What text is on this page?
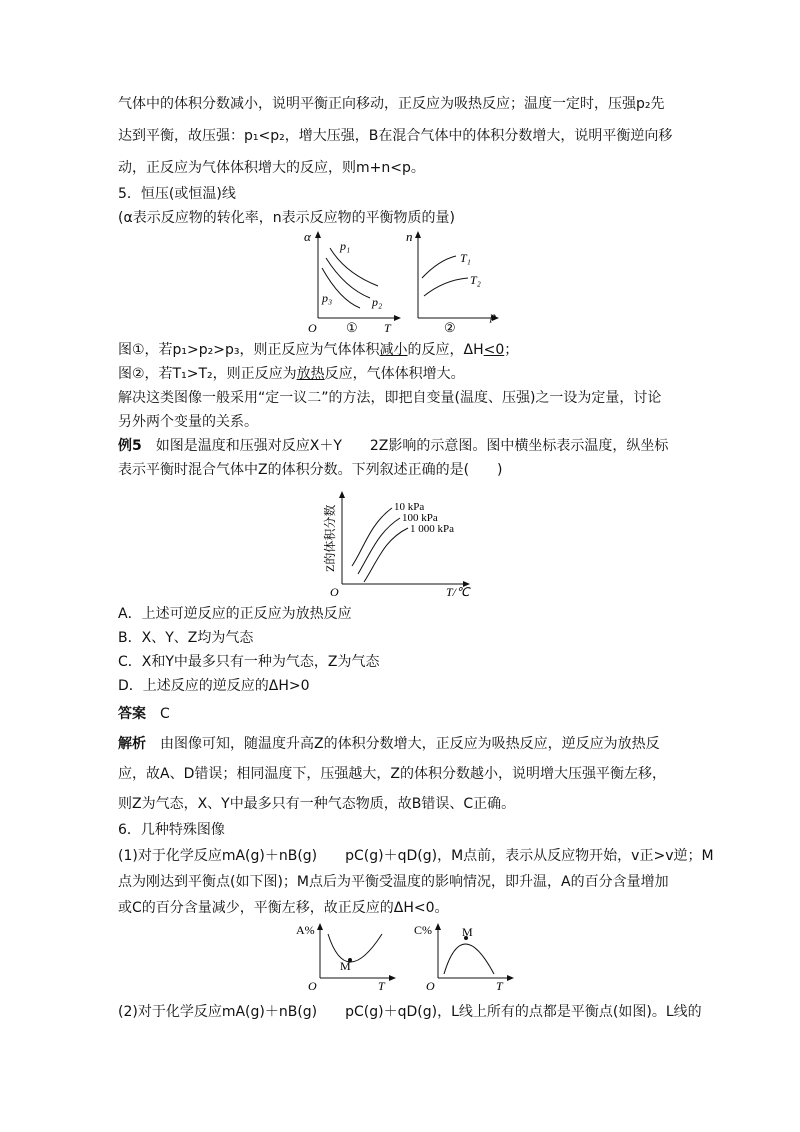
气体中的体积分数减小，说明平衡正向移动，正反应为吸热反应；温度一定时，压强p₂先
达到平衡，故压强：p₁<p₂，增大压强，B在混合气体中的体积分数增大，说明平衡逆向移
动，正反应为气体体积增大的反应，则m+n<p。
5．恒压(或恒温)线
(α表示反应物的转化率，n表示反应物的平衡物质的量)
α
O	T
p₁
p₂
p₃
①
n
p
T₁
T₂
②
图①，若p₁>p₂>p₃，则正反应为气体体积减小的反应，ΔH<0；
图②，若T₁>T₂，则正反应为放热反应，气体体积增大。
解决这类图像一般采用“定一议二”的方法，即把自变量(温度、压强)之一设为定量，讨论
另外两个变量的关系。
例5　 如图是温度和压强对反应X＋Y　　2Z影响的示意图。图中横坐标表示温度，纵坐标
表示平衡时混合气体中Z的体积分数。下列叙述正确的是(　　)
10 kPa
100 kPa
1 000 kPa
O	T/℃
Z的体积分数
A．上述可逆反应的正反应为放热反应
B．X、Y、Z均为气态
C．X和Y中最多只有一种为气态，Z为气态
D．上述反应的逆反应的ΔH>0
答案　 C
解析　 由图像可知，随温度升高Z的体积分数增大，正反应为吸热反应，逆反应为放热反
应，故A、D错误；相同温度下，压强越大，Z的体积分数越小，说明增大压强平衡左移，
则Z为气态，X、Y中最多只有一种气态物质，故B错误、C正确。
6．几种特殊图像
(1)对于化学反应mA(g)＋nB(g)　　pC(g)＋qD(g)，M点前，表示从反应物开始，v正>v逆；M
点为刚达到平衡点(如下图)；M点后为平衡受温度的影响情况，即升温，A的百分含量增加
或C的百分含量减少，平衡左移，故正反应的ΔH<0。
A%
M
O	T
C%	M
O	T
(2)对于化学反应mA(g)＋nB(g)　　pC(g)＋qD(g)，L线上所有的点都是平衡点(如图)。L线的
